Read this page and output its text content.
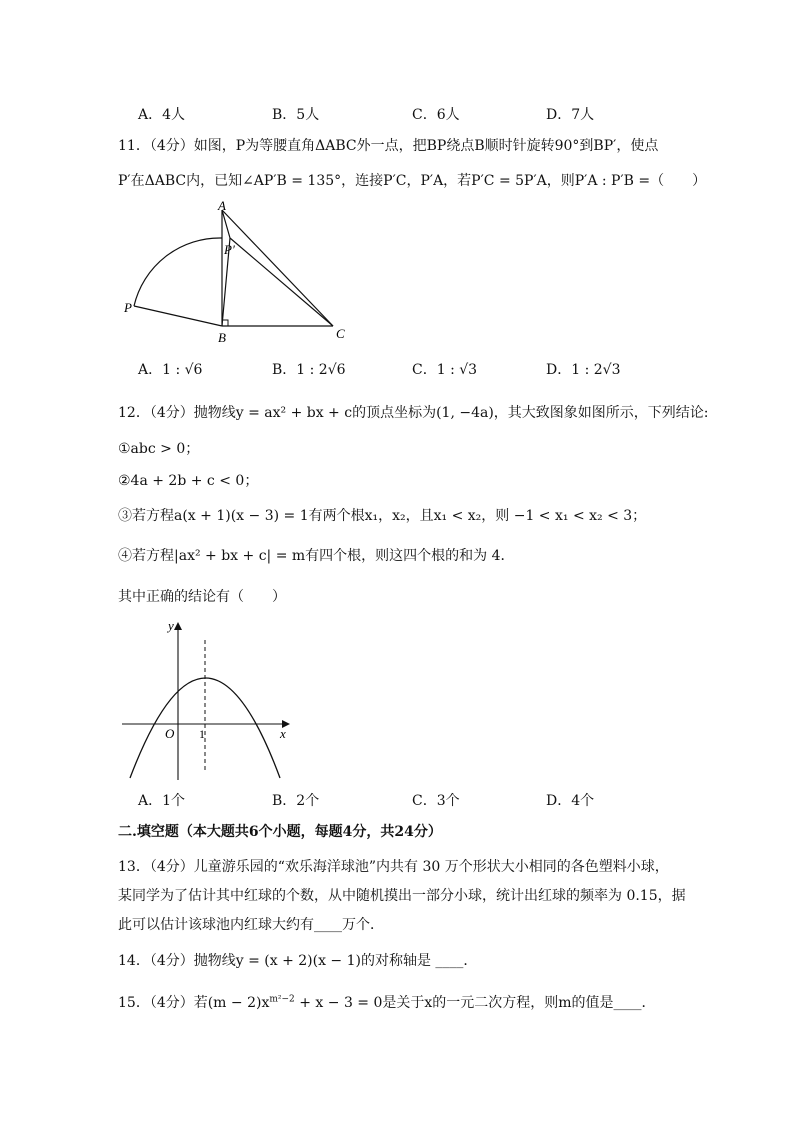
A．4人	B．5人	C．6人	D．7人
11．（4分）如图，P为等腰直角ΔABC外一点，把BP绕点B顺时针旋转90°到BP′，使点
P′在ΔABC内，已知∠AP′B = 135°，连接P′C，P′A，若P′C = 5P′A，则P′A : P′B =（　　）
A
B	C
P
P′
A．1 : √6	B．1 : 2√6	C．1 : √3	D．1 : 2√3
12．（4分）抛物线y = ax² + bx + c的顶点坐标为(1, −4a)，其大致图象如图所示，下列结论:
①abc > 0；
②4a + 2b + c < 0；
③若方程a(x + 1)(x − 3) = 1有两个根x₁，x₂，且x₁ < x₂，则 −1 < x₁ < x₂ < 3；
④若方程|ax² + bx + c| = m有四个根，则这四个根的和为 4．
其中正确的结论有（　　）
y
x
O 1
A．1个	B．2个	C．3个	D．4个
二.填空题（本大题共6个小题，每题4分，共24分）
13．（4分）儿童游乐园的“欢乐海洋球池”内共有 30 万个形状大小相同的各色塑料小球，
某同学为了估计其中红球的个数，从中随机摸出一部分小球，统计出红球的频率为 0.15，据
此可以估计该球池内红球大约有____万个．
14．（4分）抛物线y = (x + 2)(x − 1)的对称轴是 ____．
15．（4分）若$(m - 2)x^{m^2-2} + x - 3 = 0$是关于x的一元二次方程，则m的值是____．
